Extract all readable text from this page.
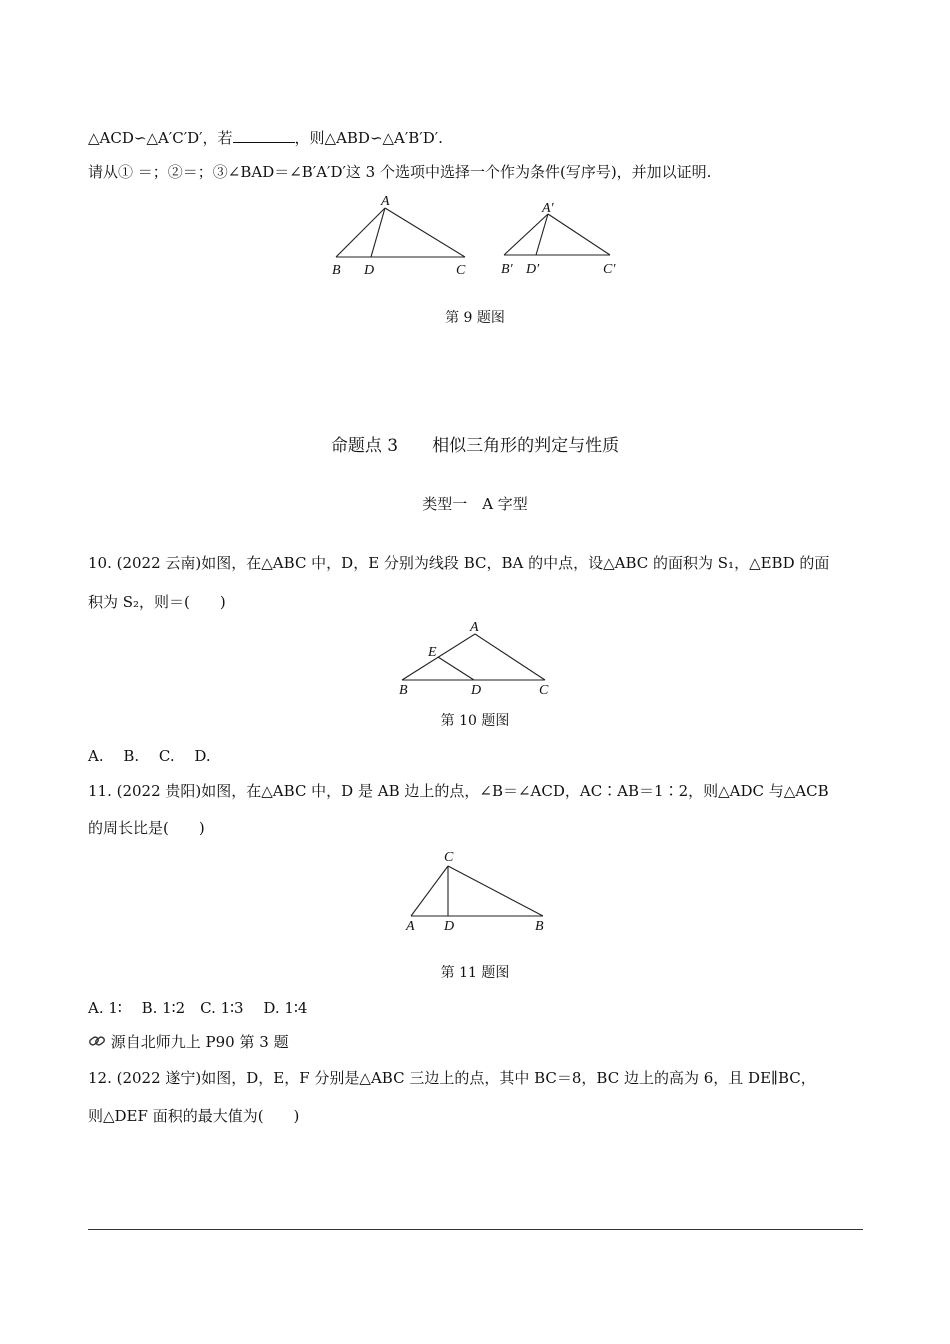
△ACD∽△A′C′D′，若	，则△ABD∽△A′B′D′.
请从① ＝；②＝；③∠BAD＝∠B′A′D′这 3 个选项中选择一个作为条件(写序号)，并加以证明.
A
B D	C
A′
B′ D′	C′
第 9 题图
命题点 3　　相似三角形的判定与性质
类型一　A 字型
10. (2022 云南)如图，在△ABC 中，D，E 分别为线段 BC，BA 的中点，设△ABC 的面积为 S₁，△EBD 的面
积为 S₂，则＝(　　)
A
E
B	D	C
第 10 题图
A.　 B.　 C.　 D.
11. (2022 贵阳)如图，在△ABC 中，D 是 AB 边上的点，∠B＝∠ACD，AC∶AB＝1∶2，则△ADC 与△ACB
的周长比是(　　)
C
A D	B
第 11 题图
A. 1∶　 B. 1∶2　C. 1∶3　 D. 1∶4
源自北师九上 P90 第 3 题
12. (2022 遂宁)如图，D，E，F 分别是△ABC 三边上的点，其中 BC＝8，BC 边上的高为 6，且 DE∥BC，
则△DEF 面积的最大值为(　　)
